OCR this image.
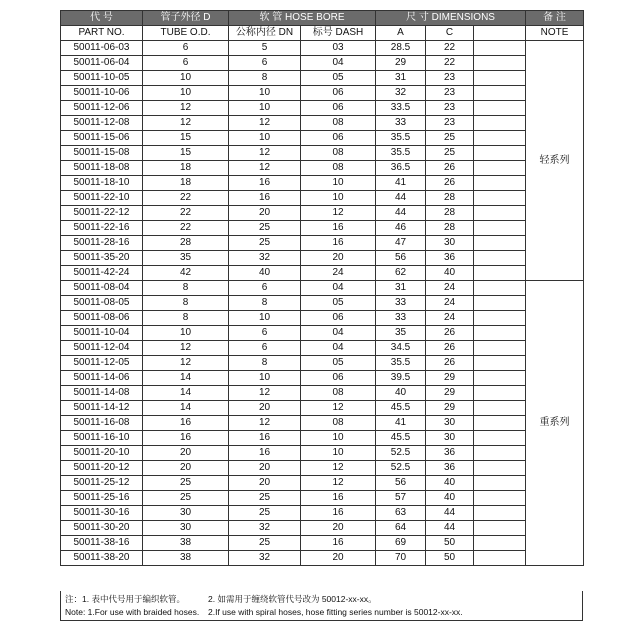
代 号	管子外径 D	软 管 HOSE BORE		尺 寸 DIMENSIONS			备 注
PART NO.	TUBE O.D.	公称内径 DN	标号 DASH	A	C		NOTE
50011-06-03	6	5	03	28.5	22		轻系列
50011-06-04	6	6	04	29	22		
50011-10-05	10	8	05	31	23		
50011-10-06	10	10	06	32	23		
50011-12-06	12	10	06	33.5	23		
50011-12-08	12	12	08	33	23		
50011-15-06	15	10	06	35.5	25		
50011-15-08	15	12	08	35.5	25		
50011-18-08	18	12	08	36.5	26		
50011-18-10	18	16	10	41	26		
50011-22-10	22	16	10	44	28		
50011-22-12	22	20	12	44	28		
50011-22-16	22	25	16	46	28		
50011-28-16	28	25	16	47	30		
50011-35-20	35	32	20	56	36		
50011-42-24	42	40	24	62	40		
50011-08-04	8	6	04	31	24		重系列
50011-08-05	8	8	05	33	24		
50011-08-06	8	10	06	33	24		
50011-10-04	10	6	04	35	26		
50011-12-04	12	6	04	34.5	26		
50011-12-05	12	8	05	35.5	26		
50011-14-06	14	10	06	39.5	29		
50011-14-08	14	12	08	40	29		
50011-14-12	14	20	12	45.5	29		
50011-16-08	16	12	08	41	30		
50011-16-10	16	16	10	45.5	30		
50011-20-10	20	16	10	52.5	36		
50011-20-12	20	20	12	52.5	36		
50011-25-12	25	20	12	56	40		
50011-25-16	25	25	16	57	40		
50011-30-16	30	25	16	63	44		
50011-30-20	30	32	20	64	44		
50011-38-16	38	25	16	69	50		
50011-38-20	38	32	20	70	50		
注：1. 表中代号用于编织软管。	2. 如需用于缠绕软管代号改为 50012-xx-xx。
Note: 1.For use with braided hoses. 2.If use with spiral hoses, hose fitting series number is 50012-xx-xx.
